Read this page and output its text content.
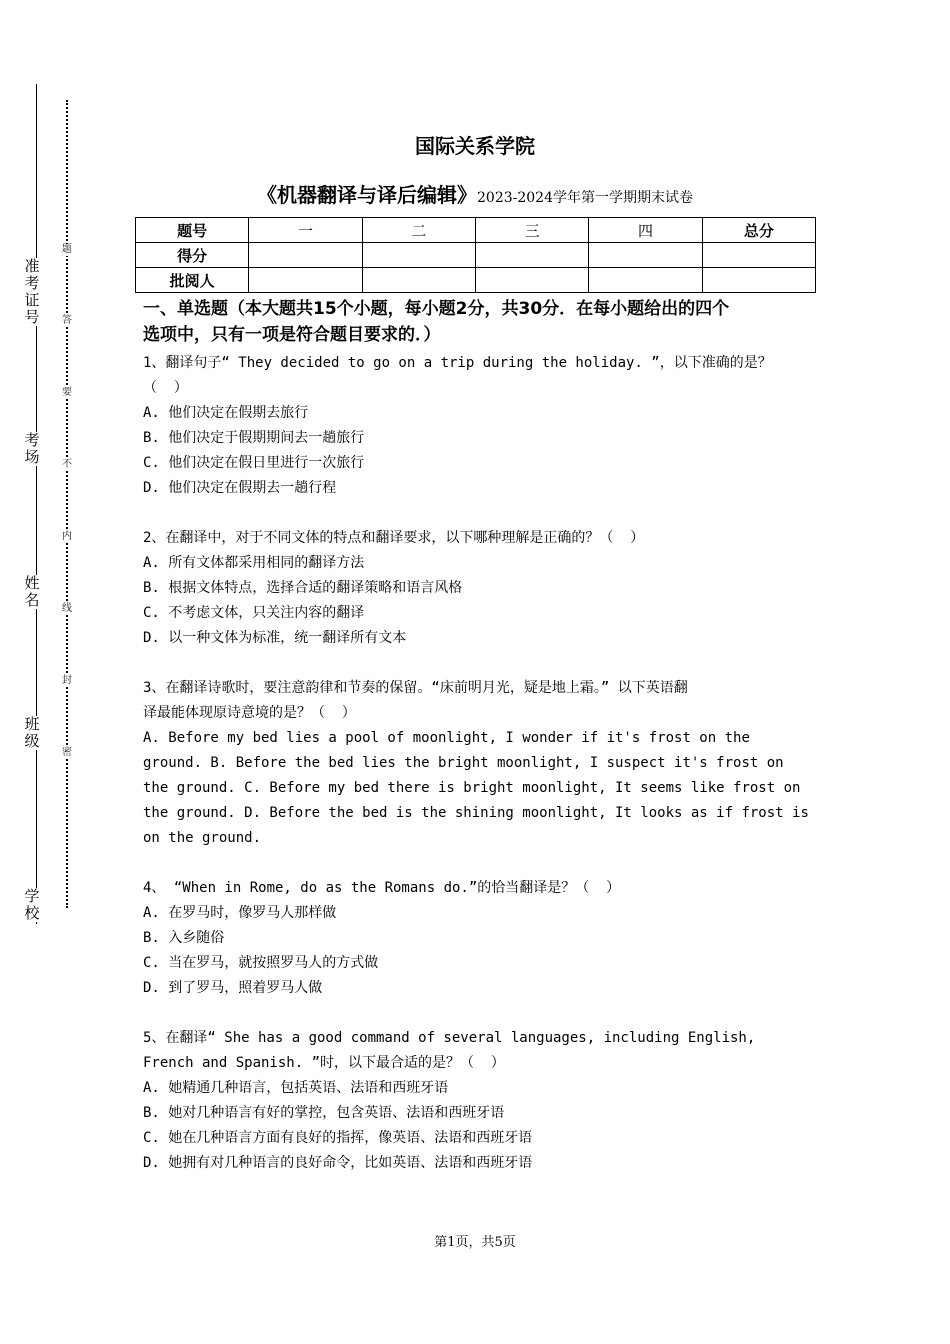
准考证号
考场
姓名
班级
学校
题
答
要
不
内
线
封
密
国际关系学院
《机器翻译与译后编辑》2023-2024学年第一学期期末试卷
题号	一	二	三	四	总分
得分					
批阅人					
一、单选题（本大题共15个小题，每小题2分，共30分．在每小题给出的四个
选项中，只有一项是符合题目要求的．）
1、翻译句子“ They decided to go on a trip during the holiday. ”，以下准确的是？
（  ）
A. 他们决定在假期去旅行
B. 他们决定于假期期间去一趟旅行
C. 他们决定在假日里进行一次旅行
D. 他们决定在假期去一趟行程
2、在翻译中，对于不同文体的特点和翻译要求，以下哪种理解是正确的？（  ）
A. 所有文体都采用相同的翻译方法
B. 根据文体特点，选择合适的翻译策略和语言风格
C. 不考虑文体，只关注内容的翻译
D. 以一种文体为标准，统一翻译所有文本
3、在翻译诗歌时，要注意韵律和节奏的保留。“床前明月光，疑是地上霜。” 以下英语翻
译最能体现原诗意境的是？（  ）
A. Before my bed lies a pool of moonlight, I wonder if it's frost on the
ground. B. Before the bed lies the bright moonlight, I suspect it's frost on
the ground. C. Before my bed there is bright moonlight, It seems like frost on
the ground. D. Before the bed is the shining moonlight, It looks as if frost is
on the ground.
4、 “When in Rome, do as the Romans do.”的恰当翻译是？（  ）
A. 在罗马时，像罗马人那样做
B. 入乡随俗
C. 当在罗马，就按照罗马人的方式做
D. 到了罗马，照着罗马人做
5、在翻译“ She has a good command of several languages, including English,
French and Spanish. ”时，以下最合适的是？（  ）
A. 她精通几种语言，包括英语、法语和西班牙语
B. 她对几种语言有好的掌控，包含英语、法语和西班牙语
C. 她在几种语言方面有良好的指挥，像英语、法语和西班牙语
D. 她拥有对几种语言的良好命令，比如英语、法语和西班牙语
第1页，共5页
